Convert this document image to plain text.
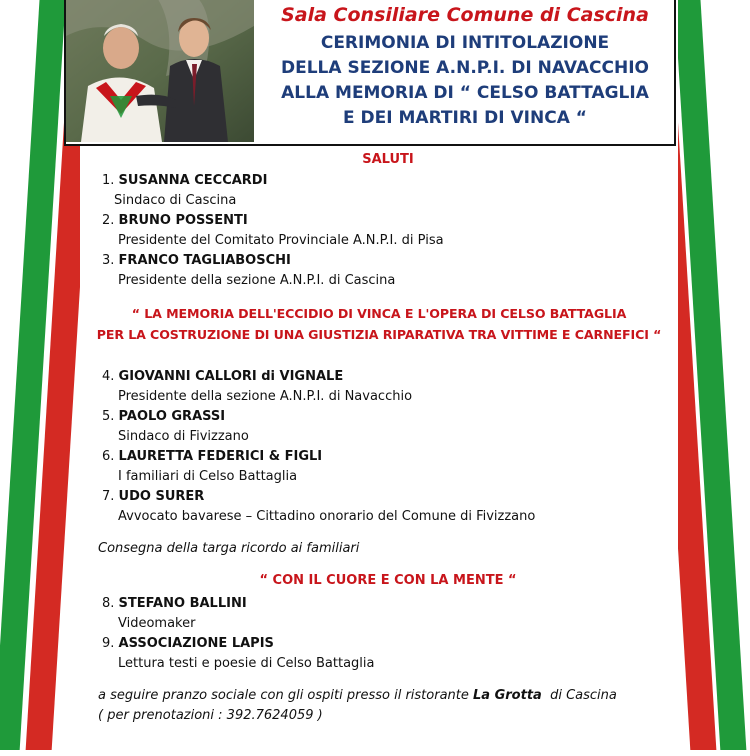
Sala Consiliare Comune di Cascina
CERIMONIA DI INTITOLAZIONE
DELLA SEZIONE A.N.P.I. DI NAVACCHIO
ALLA MEMORIA DI “ CELSO BATTAGLIA
E DEI MARTIRI DI VINCA “
SALUTI
1. SUSANNA CECCARDI
Sindaco di Cascina
2. BRUNO POSSENTI
Presidente del Comitato Provinciale A.N.P.I. di Pisa
3. FRANCO TAGLIABOSCHI
Presidente della sezione A.N.P.I. di Cascina
“ LA MEMORIA DELL'ECCIDIO DI VINCA E L'OPERA DI CELSO BATTAGLIA
PER LA COSTRUZIONE DI UNA GIUSTIZIA RIPARATIVA TRA VITTIME E CARNEFICI “
4. GIOVANNI CALLORI di VIGNALE
Presidente della sezione A.N.P.I. di Navacchio
5. PAOLO GRASSI
Sindaco di Fivizzano
6. LAURETTA FEDERICI & FIGLI
I familiari di Celso Battaglia
7. UDO SURER
Avvocato bavarese – Cittadino onorario del Comune di Fivizzano
Consegna della targa ricordo ai familiari
“ CON IL CUORE E CON LA MENTE “
8. STEFANO BALLINI
Videomaker
9. ASSOCIAZIONE LAPIS
Lettura testi e poesie di Celso Battaglia
a seguire pranzo sociale con gli ospiti presso il ristorante La Grotta  di Cascina
( per prenotazioni : 392.7624059 )
